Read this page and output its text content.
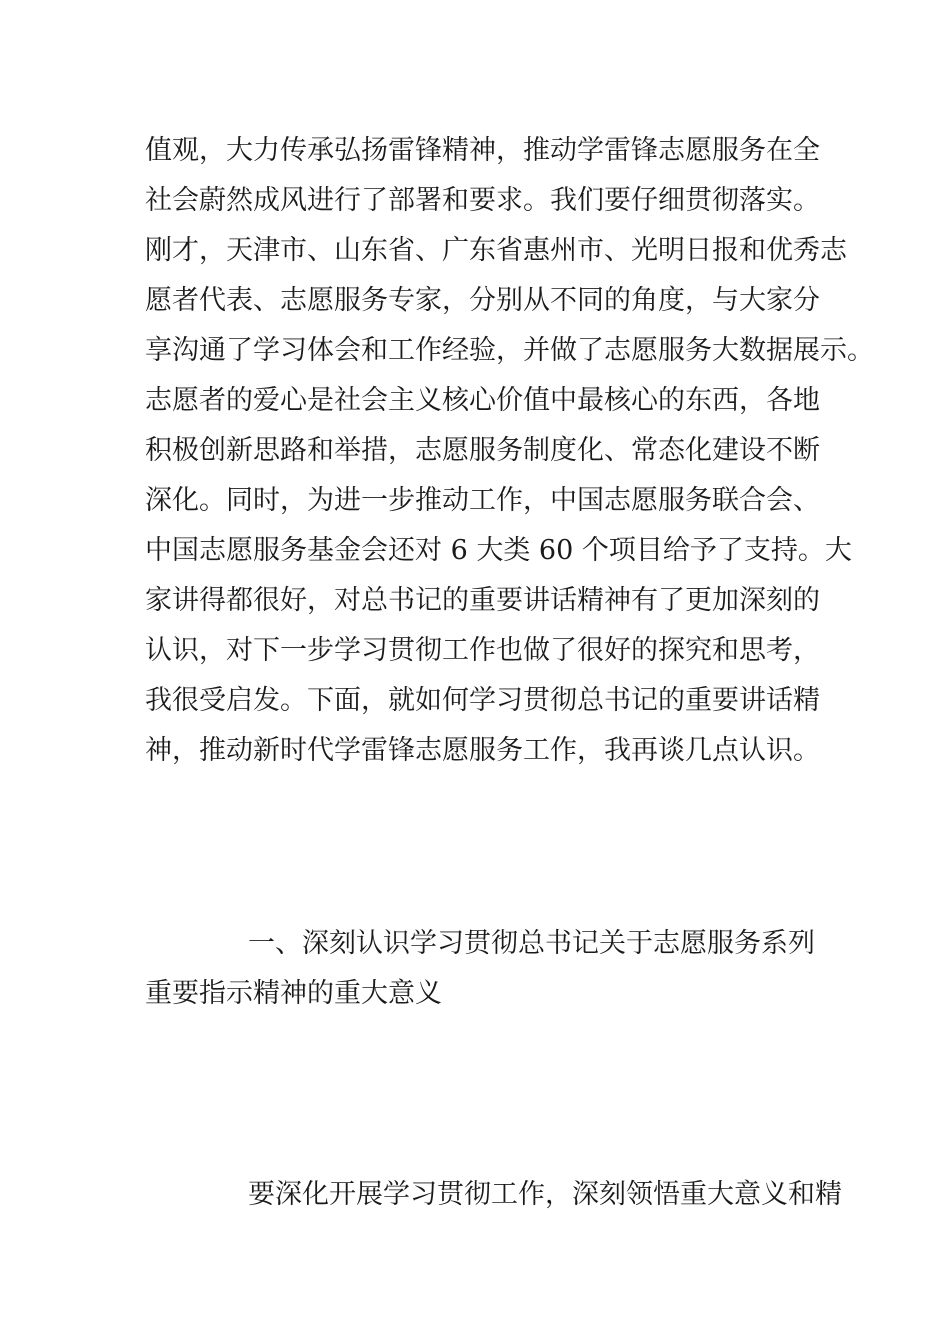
值观，大力传承弘扬雷锋精神，推动学雷锋志愿服务在全
社会蔚然成风进行了部署和要求。我们要仔细贯彻落实。
刚才，天津市、山东省、广东省惠州市、光明日报和优秀志
愿者代表、志愿服务专家，分别从不同的角度，与大家分
享沟通了学习体会和工作经验，并做了志愿服务大数据展示。
志愿者的爱心是社会主义核心价值中最核心的东西，各地
积极创新思路和举措，志愿服务制度化、常态化建设不断
深化。同时，为进一步推动工作，中国志愿服务联合会、
中国志愿服务基金会还对 6 大类 60 个项目给予了支持。大
家讲得都很好，对总书记的重要讲话精神有了更加深刻的
认识，对下一步学习贯彻工作也做了很好的探究和思考，
我很受启发。下面，就如何学习贯彻总书记的重要讲话精
神，推动新时代学雷锋志愿服务工作，我再谈几点认识。
一、深刻认识学习贯彻总书记关于志愿服务系列
重要指示精神的重大意义
要深化开展学习贯彻工作，深刻领悟重大意义和精
